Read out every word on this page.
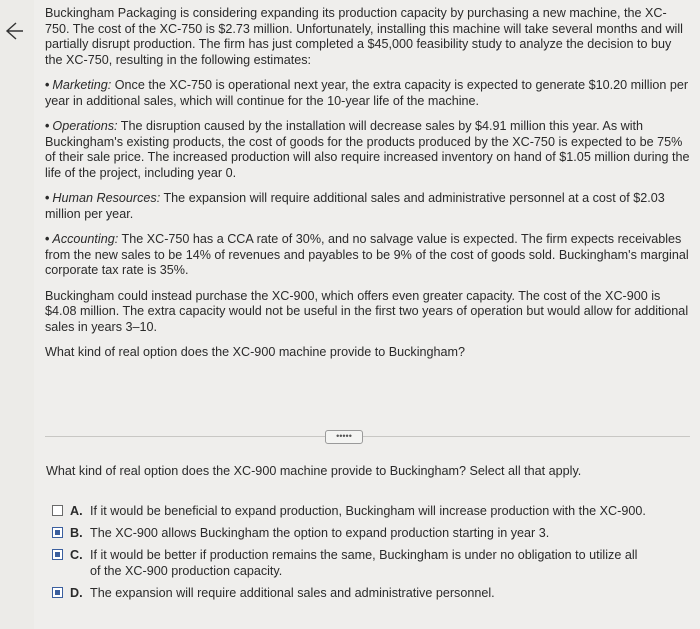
Buckingham Packaging is considering expanding its production capacity by purchasing a new machine, the XC-750. The cost of the XC-750 is $2.73 million. Unfortunately, installing this machine will take several months and will partially disrupt production. The firm has just completed a $45,000 feasibility study to analyze the decision to buy the XC-750, resulting in the following estimates:

• Marketing: Once the XC-750 is operational next year, the extra capacity is expected to generate $10.20 million per year in additional sales, which will continue for the 10-year life of the machine.
• Operations: The disruption caused by the installation will decrease sales by $4.91 million this year. As with Buckingham's existing products, the cost of goods for the products produced by the XC-750 is expected to be 75% of their sale price. The increased production will also require increased inventory on hand of $1.05 million during the life of the project, including year 0.
• Human Resources: The expansion will require additional sales and administrative personnel at a cost of $2.03 million per year.
• Accounting: The XC-750 has a CCA rate of 30%, and no salvage value is expected. The firm expects receivables from the new sales to be 14% of revenues and payables to be 9% of the cost of goods sold. Buckingham's marginal corporate tax rate is 35%.

Buckingham could instead purchase the XC-900, which offers even greater capacity. The cost of the XC-900 is $4.08 million. The extra capacity would not be useful in the first two years of operation but would allow for additional sales in years 3–10.

What kind of real option does the XC-900 machine provide to Buckingham?

•••••
What kind of real option does the XC-900 machine provide to Buckingham? Select all that apply.
A. If it would be beneficial to expand production, Buckingham will increase production with the XC-900.
B. The XC-900 allows Buckingham the option to expand production starting in year 3.
C. If it would be better if production remains the same, Buckingham is under no obligation to utilize all of the XC-900 production capacity.
D. The expansion will require additional sales and administrative personnel.
